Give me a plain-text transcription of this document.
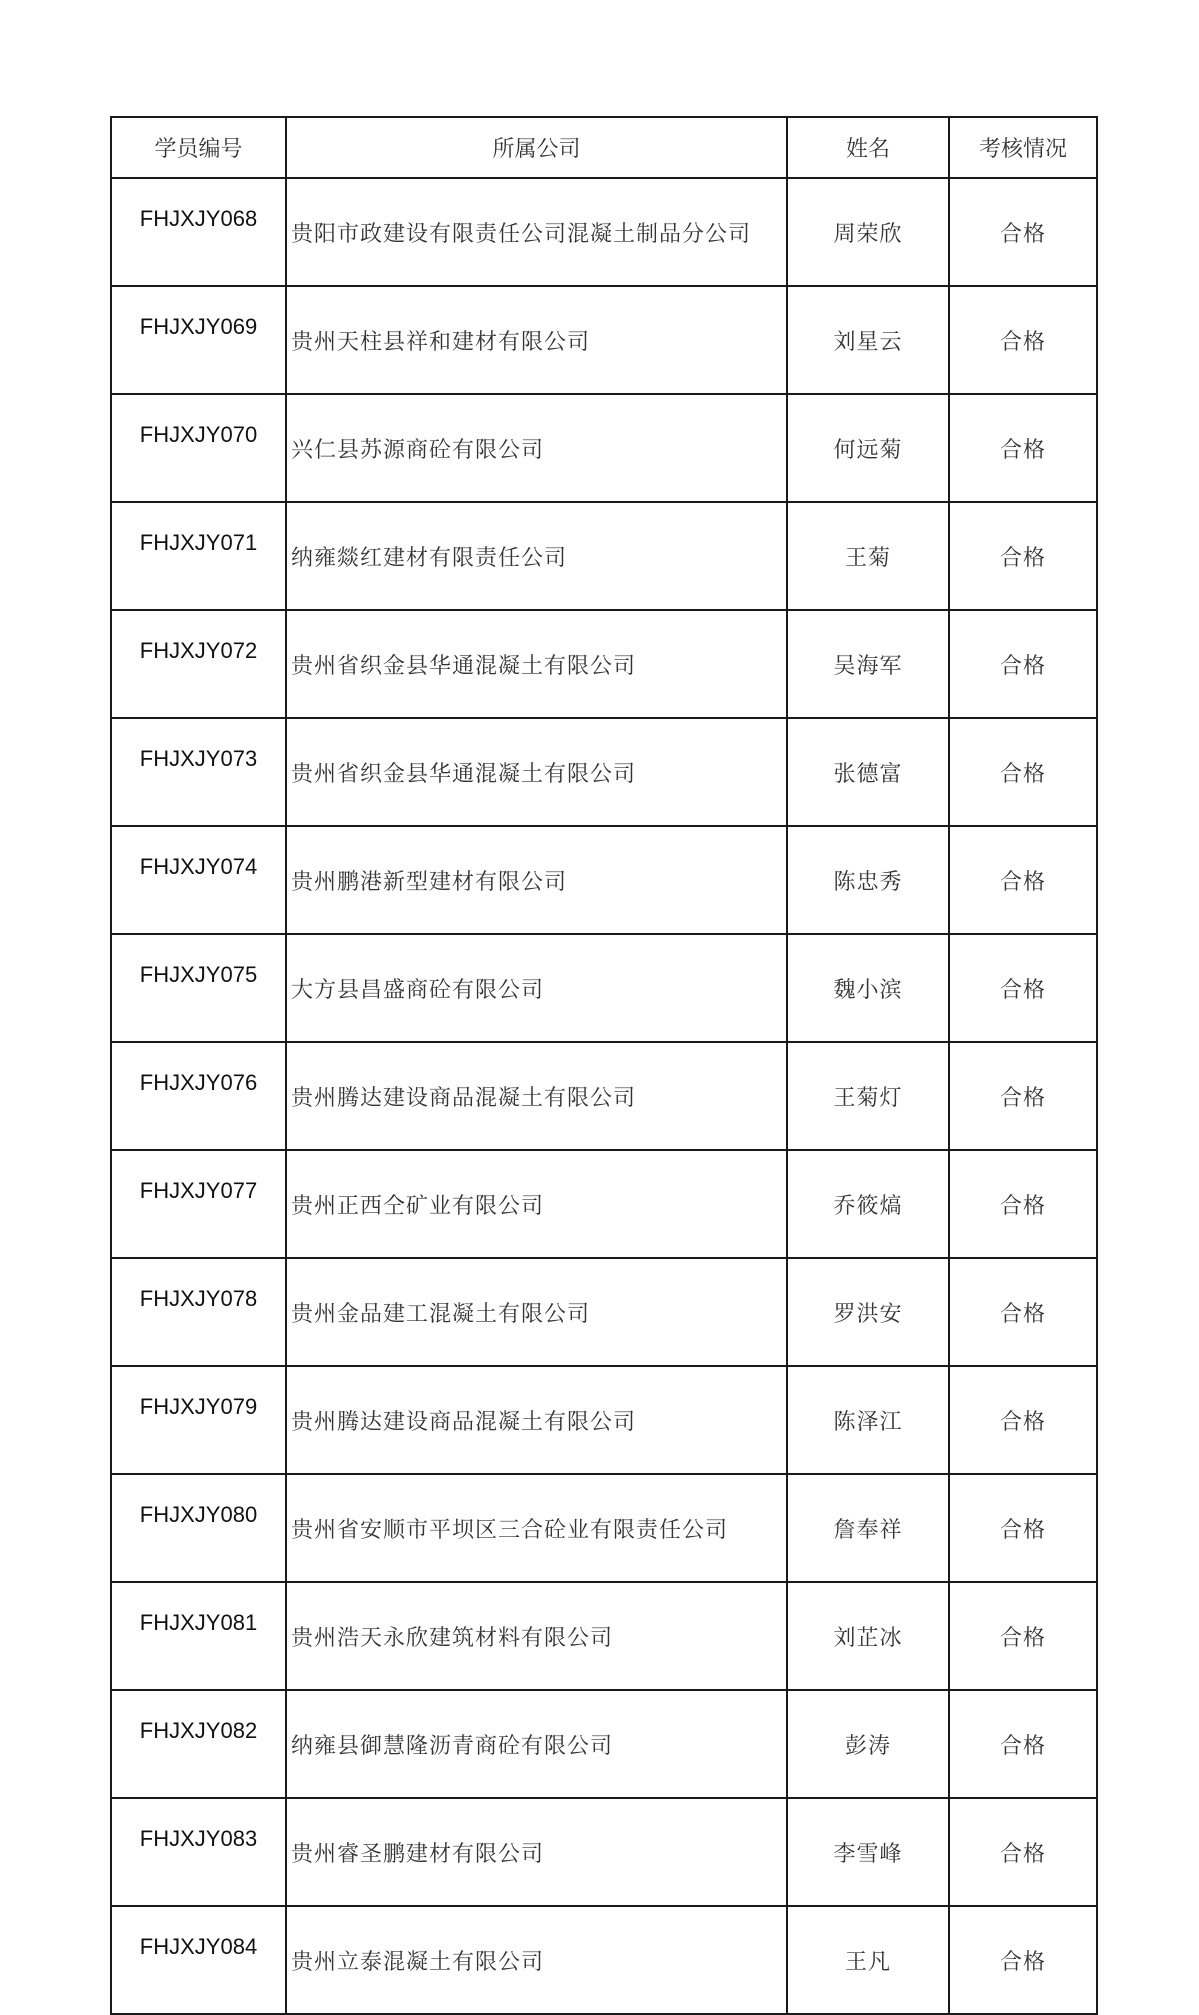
学员编号	所属公司	姓名	考核情况
FHJXJY068	贵阳市政建设有限责任公司混凝土制品分公司	周荣欣	合格
FHJXJY069	贵州天柱县祥和建材有限公司	刘星云	合格
FHJXJY070	兴仁县苏源商砼有限公司	何远菊	合格
FHJXJY071	纳雍燚红建材有限责任公司	王菊	合格
FHJXJY072	贵州省织金县华通混凝土有限公司	吴海军	合格
FHJXJY073	贵州省织金县华通混凝土有限公司	张德富	合格
FHJXJY074	贵州鹏港新型建材有限公司	陈忠秀	合格
FHJXJY075	大方县昌盛商砼有限公司	魏小滨	合格
FHJXJY076	贵州腾达建设商品混凝土有限公司	王菊灯	合格
FHJXJY077	贵州正西仝矿业有限公司	乔筱熇	合格
FHJXJY078	贵州金品建工混凝土有限公司	罗洪安	合格
FHJXJY079	贵州腾达建设商品混凝土有限公司	陈泽江	合格
FHJXJY080	贵州省安顺市平坝区三合砼业有限责任公司	詹奉祥	合格
FHJXJY081	贵州浩天永欣建筑材料有限公司	刘芷冰	合格
FHJXJY082	纳雍县御慧隆沥青商砼有限公司	彭涛	合格
FHJXJY083	贵州睿圣鹏建材有限公司	李雪峰	合格
FHJXJY084	贵州立泰混凝土有限公司	王凡	合格
